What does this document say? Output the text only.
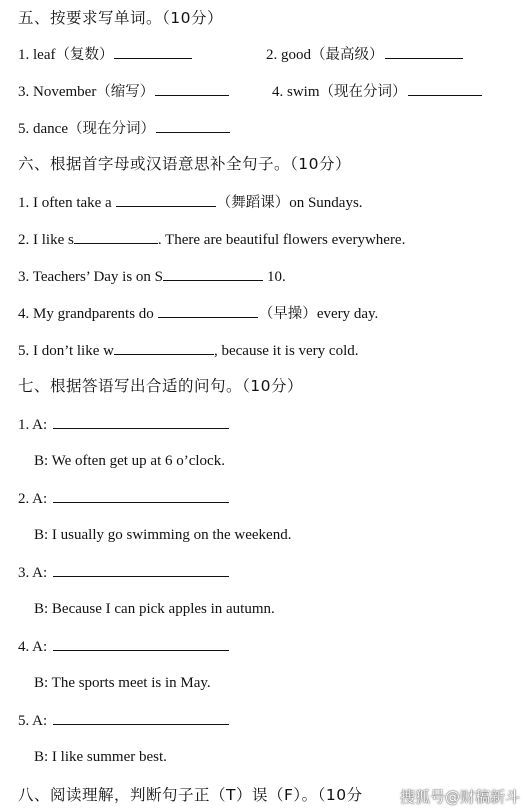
五、按要求写单词。（10分）
1. leaf（复数）	2. good（最高级）
3. November（缩写）	4. swim（现在分词）
5. dance（现在分词）
六、根据首字母或汉语意思补全句子。（10分）
1. I often take a	（舞蹈课）on Sundays.
2. I like s	. There are beautiful flowers everywhere.
3. Teachers’ Day is on S	10.
4. My grandparents do	（早操）every day.
5. I don’t like w	, because it is very cold.
七、根据答语写出合适的问句。（10分）
1. A:
B: We often get up at 6 o’clock.
2. A:
B: I usually go swimming on the weekend.
3. A:
B: Because I can pick apples in autumn.
4. A:
B: The sports meet is in May.
5. A:
B: I like summer best.
八、阅读理解，判断句子正（T）误（F）。（10分	搜狐号@财稿新斗
